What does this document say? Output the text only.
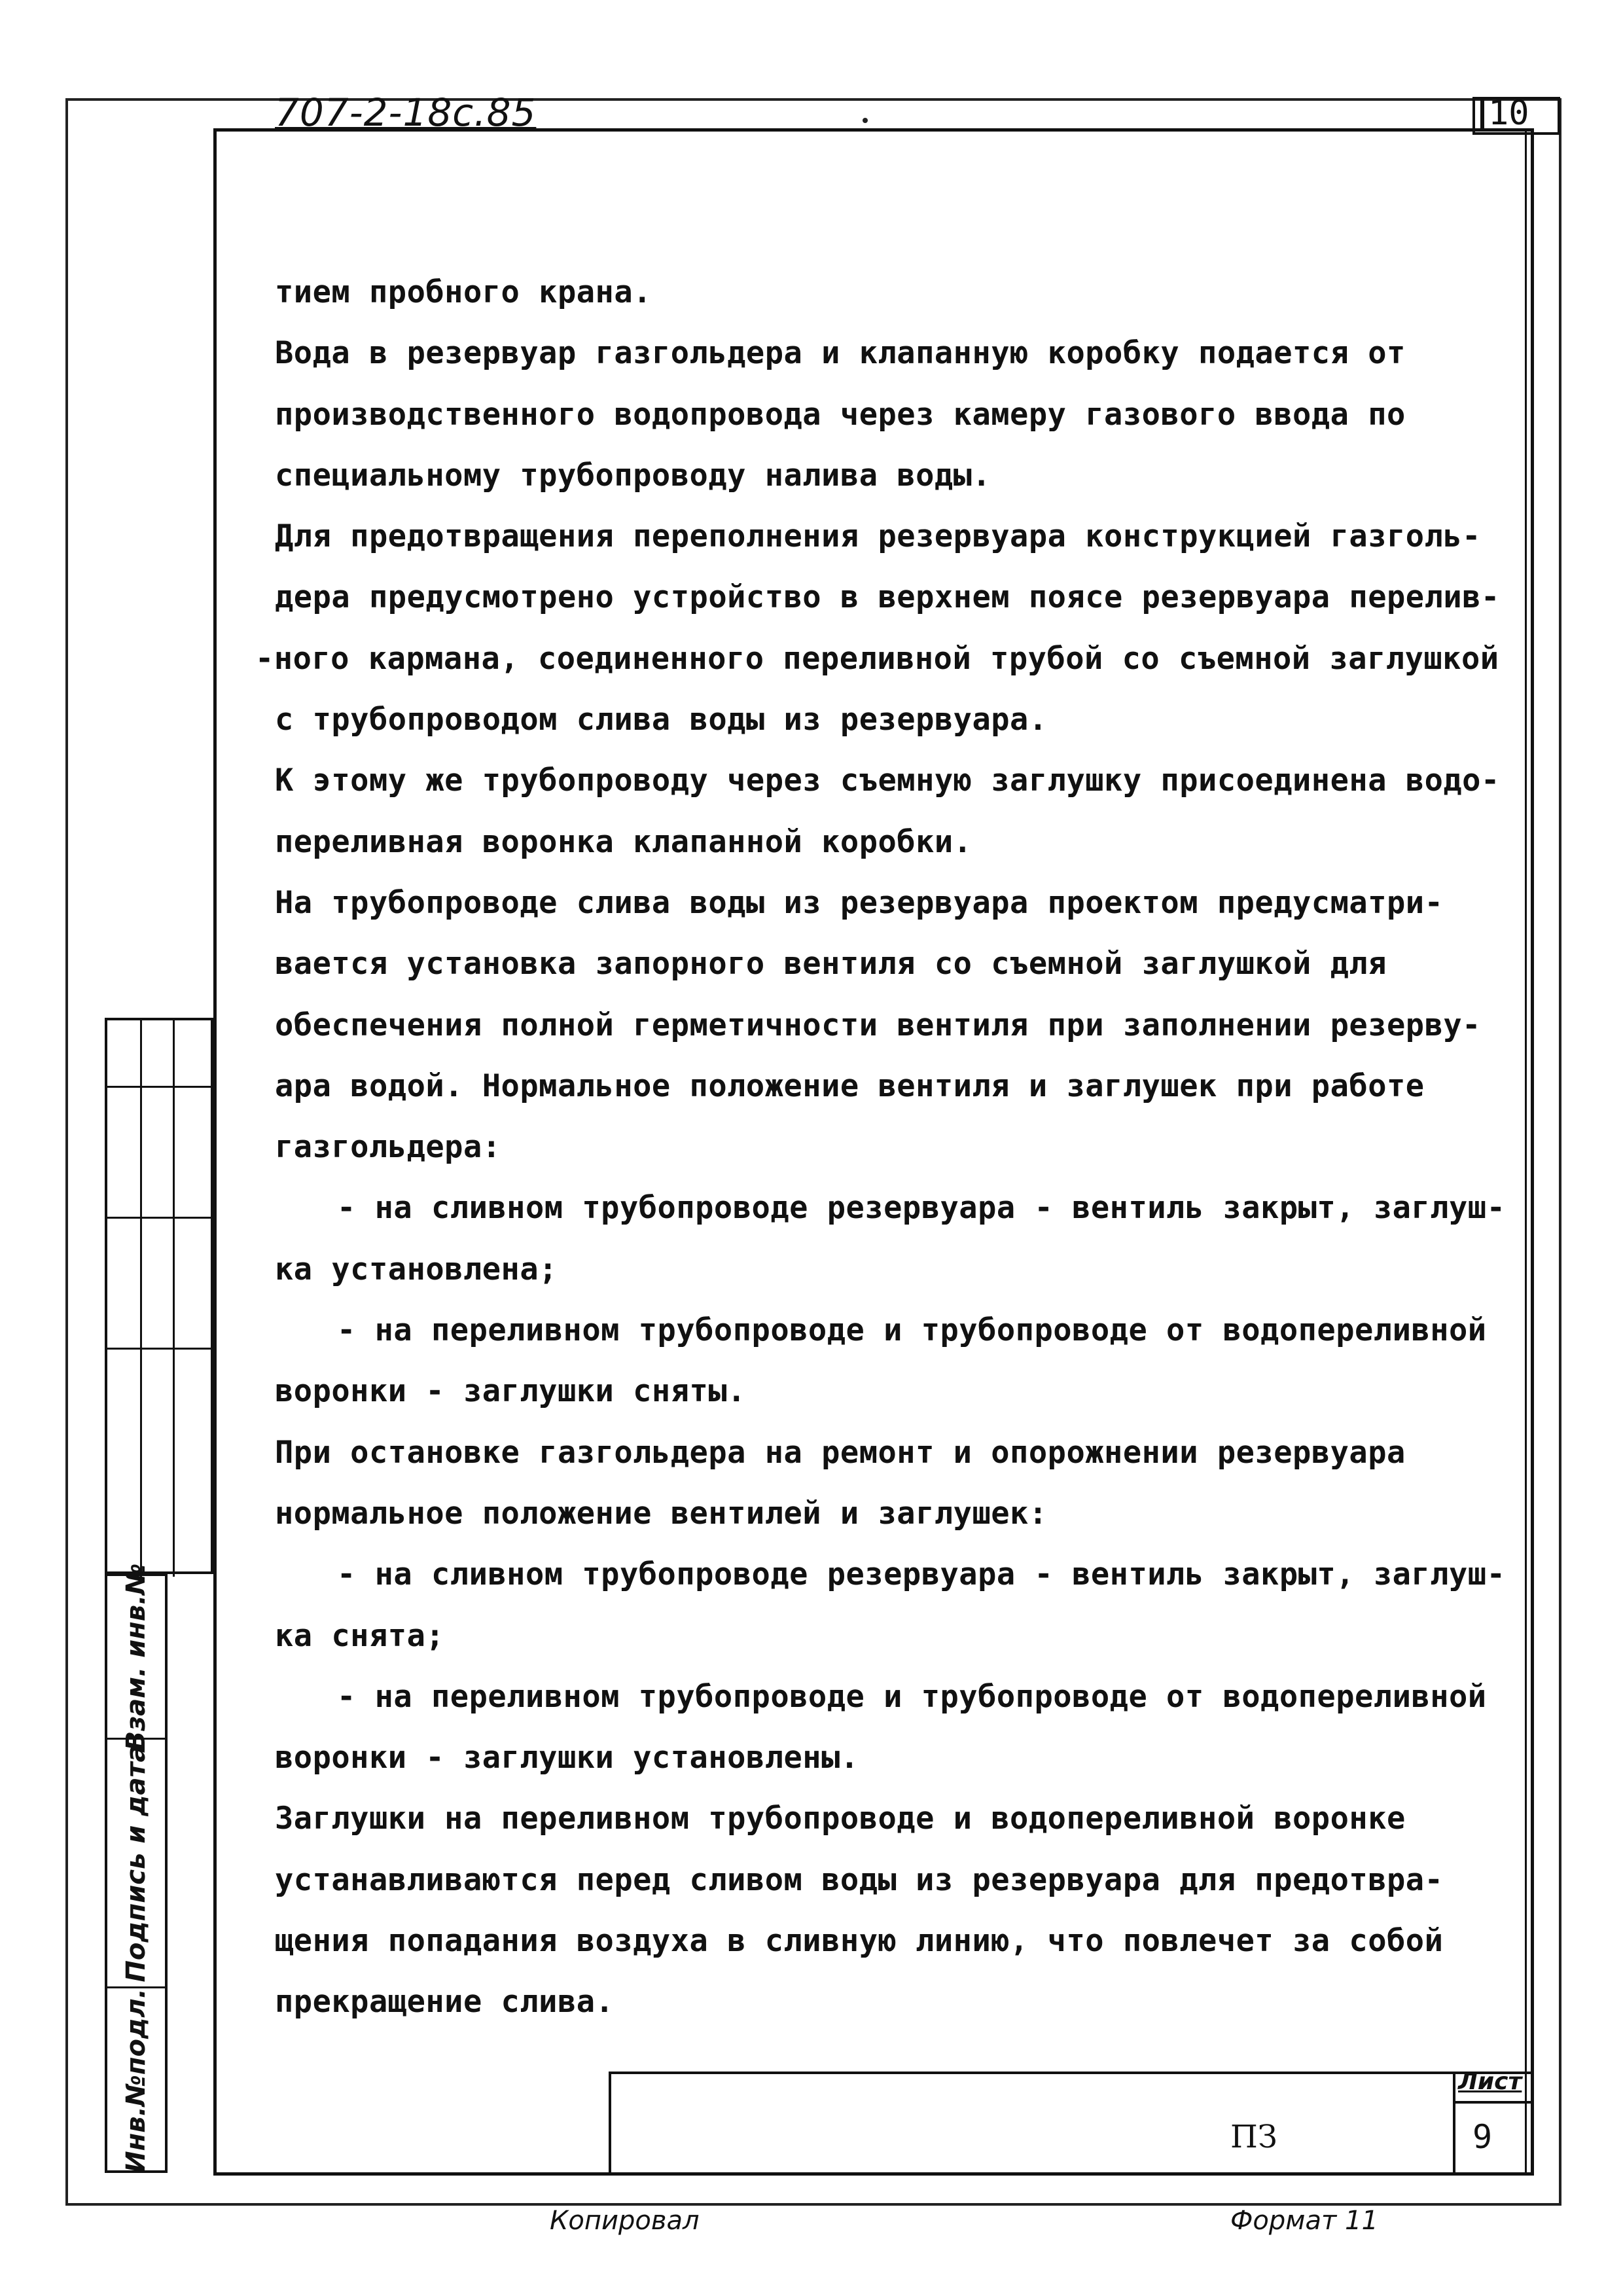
707-2-18с.85	10
тием пробного крана.
Вода в резервуар газгольдера и клапанную коробку подается от
производственного водопровода через камеру газового ввода по
специальному трубопроводу налива воды.
Для предотвращения переполнения резервуара конструкцией газголь-
дера предусмотрено устройство в верхнем поясе резервуара перелив-
-ного кармана, соединенного переливной трубой со съемной заглушкой
с трубопроводом слива воды из резервуара.
К этому же трубопроводу через съемную заглушку присоединена водо-
переливная воронка клапанной коробки.
На трубопроводе слива воды из резервуара проектом предусматри-
вается установка запорного вентиля со съемной заглушкой для
обеспечения полной герметичности вентиля при заполнении резерву-
ара водой. Нормальное положение вентиля и заглушек при работе
газгольдера:
- на сливном трубопроводе резервуара - вентиль закрыт, заглуш-
ка установлена;
- на переливном трубопроводе и трубопроводе от водопереливной
воронки - заглушки сняты.
При остановке газгольдера на ремонт и опорожнении резервуара
нормальное положение вентилей и заглушек:
- на сливном трубопроводе резервуара - вентиль закрыт, заглуш-
ка снята;
- на переливном трубопроводе и трубопроводе от водопереливной
воронки - заглушки установлены.
Заглушки на переливном трубопроводе и водопереливной воронке
устанавливаются перед сливом воды из резервуара для предотвра-
щения попадания воздуха в сливную линию, что повлечет за собой
прекращение слива.
Взам. инв.№
Подпись и дата
Инв.№подл.	Лист
9
ПЗ
Копировал	Формат 11
